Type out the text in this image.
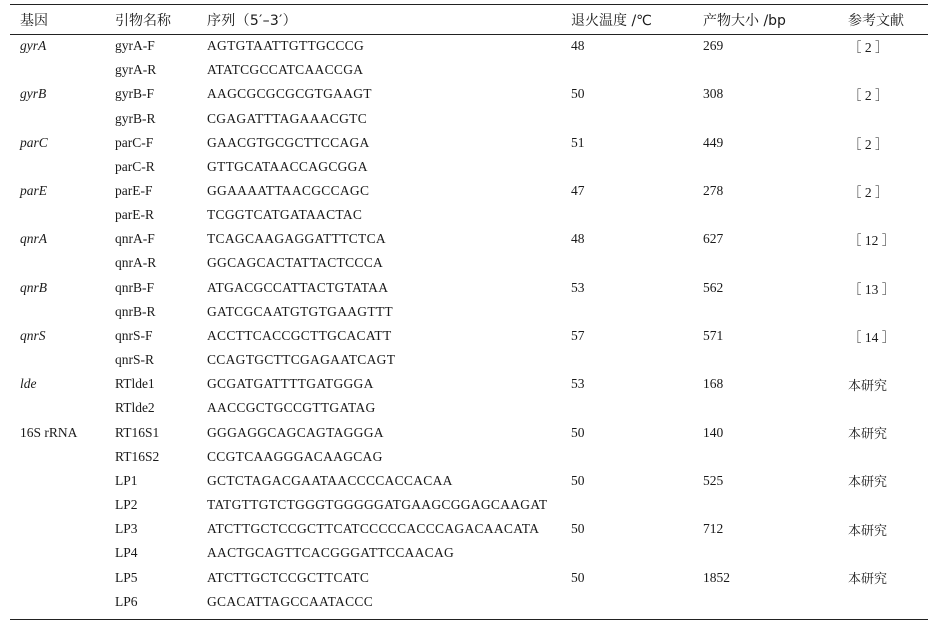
基因	引物名称	序列（5′–3′）	退火温度 /℃	产物大小 /bp	参考文献
gyrA	gyrA-F	AGTGTAATTGTTGCCCG	48	269	［ 2 ］
	gyrA-R	ATATCGCCATCAACCGA			
gyrB	gyrB-F	AAGCGCGCGCGTGAAGT	50	308	［ 2 ］
	gyrB-R	CGAGATTTAGAAACGTC			
parC	parC-F	GAACGTGCGCTTCCAGA	51	449	［ 2 ］
	parC-R	GTTGCATAACCAGCGGA			
parE	parE-F	GGAAAATTAACGCCAGC	47	278	［ 2 ］
	parE-R	TCGGTCATGATAACTAC			
qnrA	qnrA-F	TCAGCAAGAGGATTTCTCA	48	627	［ 12 ］
	qnrA-R	GGCAGCACTATTACTCCCA			
qnrB	qnrB-F	ATGACGCCATTACTGTATAA	53	562	［ 13 ］
	qnrB-R	GATCGCAATGTGTGAAGTTT			
qnrS	qnrS-F	ACCTTCACCGCTTGCACATT	57	571	［ 14 ］
	qnrS-R	CCAGTGCTTCGAGAATCAGT			
lde	RTlde1	GCGATGATTTTGATGGGA	53	168	本研究
	RTlde2	AACCGCTGCCGTTGATAG			
16S rRNA	RT16S1	GGGAGGCAGCAGTAGGGA	50	140	本研究
	RT16S2	CCGTCAAGGGACAAGCAG			
	LP1	GCTCTAGACGAATAACCCCACCACAA	50	525	本研究
	LP2	TATGTTGTCTGGGTGGGGGATGAAGCGGAGCAAGAT			
	LP3	ATCTTGCTCCGCTTCATCCCCCACCCAGACAACATA	50	712	本研究
	LP4	AACTGCAGTTCACGGGATTCCAACAG			
	LP5	ATCTTGCTCCGCTTCATC	50	1852	本研究
	LP6	GCACATTAGCCAATACCC			
